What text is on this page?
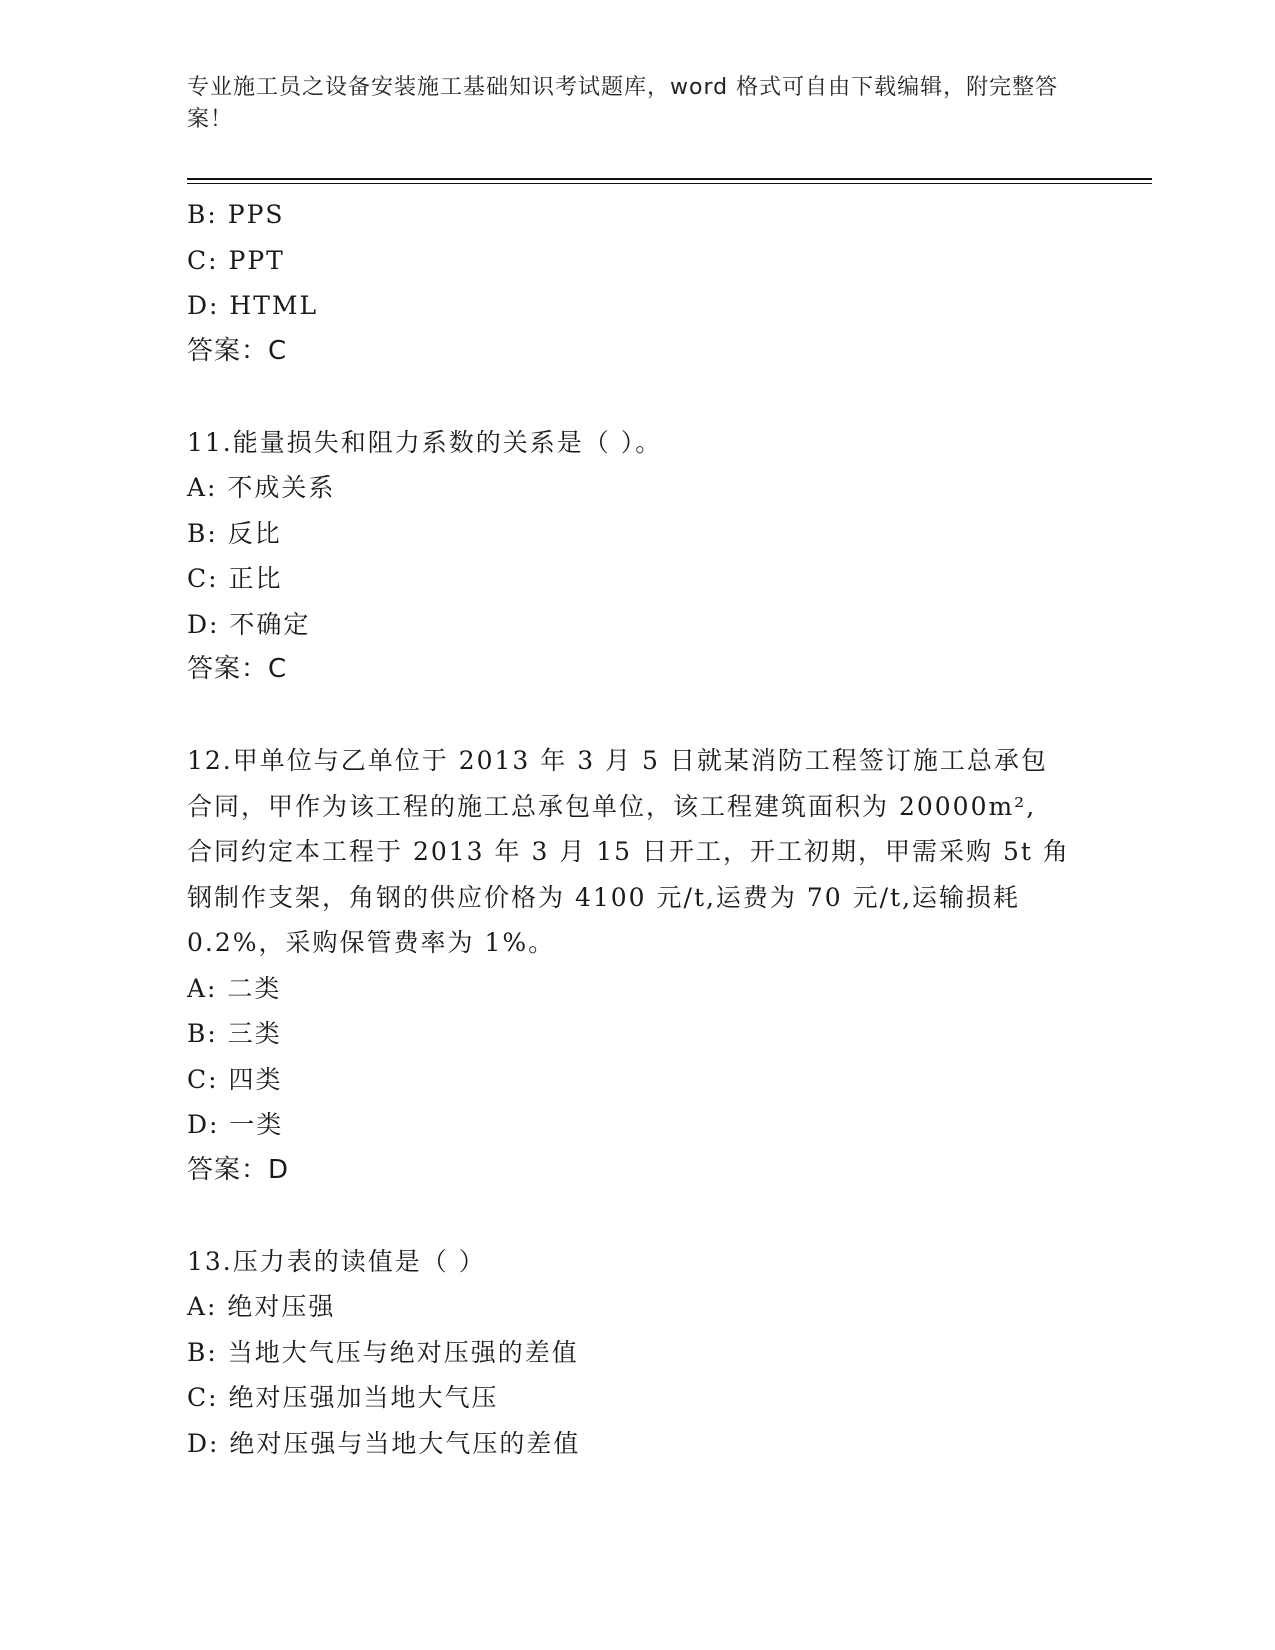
专业施工员之设备安装施工基础知识考试题库，word 格式可自由下载编辑，附完整答案！
B: PPS
C: PPT
D: HTML
答案：C
11.能量损失和阻力系数的关系是（ ）。
A: 不成关系
B: 反比
C: 正比
D: 不确定
答案：C
12.甲单位与乙单位于 2013 年 3 月 5 日就某消防工程签订施工总承包
合同，甲作为该工程的施工总承包单位，该工程建筑面积为 20000m²,
合同约定本工程于 2013 年 3 月 15 日开工，开工初期，甲需采购 5t 角
钢制作支架，角钢的供应价格为 4100 元/t,运费为 70 元/t,运输损耗
0.2%，采购保管费率为 1%。
A: 二类
B: 三类
C: 四类
D: 一类
答案：D
13.压力表的读值是（ ）
A: 绝对压强
B: 当地大气压与绝对压强的差值
C: 绝对压强加当地大气压
D: 绝对压强与当地大气压的差值
